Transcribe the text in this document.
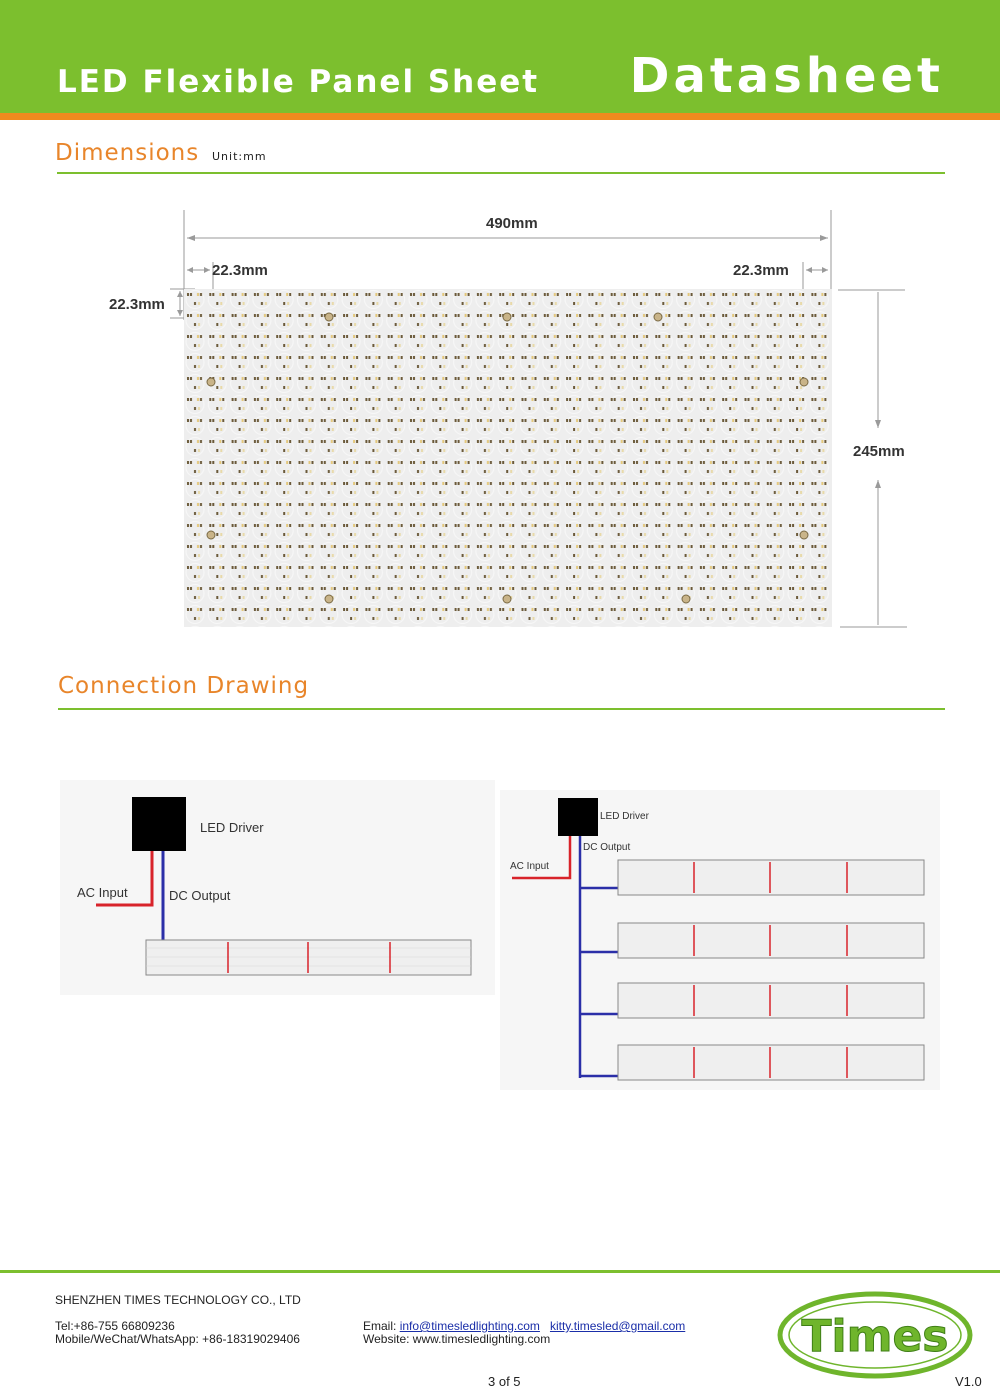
LED Flexible Panel Sheet Datasheet
Dimensions Unit:mm
490mm
22.3mm	22.3mm
22.3mm
245mm
Connection Drawing
LED Driver
AC Input	DC Output
LED Driver
DC Output
AC Input
SHENZHEN TIMES TECHNOLOGY CO., LTD
Tel:+86-755 66809236
Mobile/WeChat/WhatsApp: +86-18319029406
Email: info@timesledlighting.com kitty.timesled@gmail.com
Website: www.timesledlighting.com
3 of 5	V1.0
Times
